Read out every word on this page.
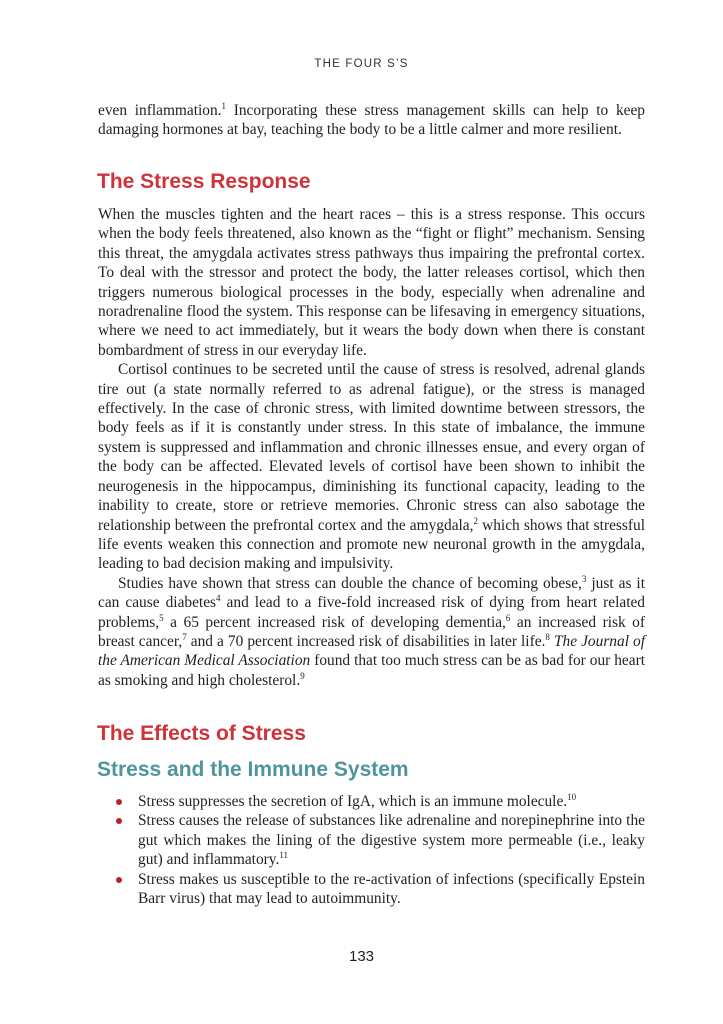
THE FOUR S’S

even inflammation.$^1$ Incorporating these stress management skills can help to keep damaging hormones at bay, teaching the body to be a little calmer and more resilient.

The Stress Response

When the muscles tighten and the heart races – this is a stress response. This occurs when the body feels threatened, also known as the “fight or flight” mechanism. Sensing this threat, the amygdala activates stress pathways thus impairing the prefrontal cortex. To deal with the stressor and protect the body, the latter releases cortisol, which then triggers numerous biological processes in the body, especially when adrenaline and noradrenaline flood the system. This response can be lifesaving in emergency situations, where we need to act immediately, but it wears the body down when there is constant bombardment of stress in our everyday life.

Cortisol continues to be secreted until the cause of stress is resolved, adrenal glands tire out (a state normally referred to as adrenal fatigue), or the stress is managed effectively. In the case of chronic stress, with limited downtime between stressors, the body feels as if it is constantly under stress. In this state of imbalance, the immune system is suppressed and inflammation and chronic illnesses ensue, and every organ of the body can be affected. Elevated levels of cortisol have been shown to inhibit the neurogenesis in the hippocampus, diminishing its functional capacity, leading to the inability to create, store or retrieve memories. Chronic stress can also sabotage the relationship between the prefrontal cortex and the amygdala,$^2$ which shows that stressful life events weaken this connection and promote new neuronal growth in the amygdala, leading to bad decision making and impulsivity.

Studies have shown that stress can double the chance of becoming obese,$^3$ just as it can cause diabetes$^4$ and lead to a five-fold increased risk of dying from heart related problems,$^5$ a 65 percent increased risk of developing dementia,$^6$ an increased risk of breast cancer,$^7$ and a 70 percent increased risk of disabilities in later life.$^8$ The Journal of the American Medical Association found that too much stress can be as bad for our heart as smoking and high cholesterol.$^9$

The Effects of Stress
Stress and the Immune System
Stress suppresses the secretion of IgA, which is an immune molecule.$^{10}$
Stress causes the release of substances like adrenaline and norepinephrine into the gut which makes the lining of the digestive system more permeable (i.e., leaky gut) and inflammatory.$^{11}$
Stress makes us susceptible to the re-activation of infections (specifically Epstein Barr virus) that may lead to autoimmunity.
133
